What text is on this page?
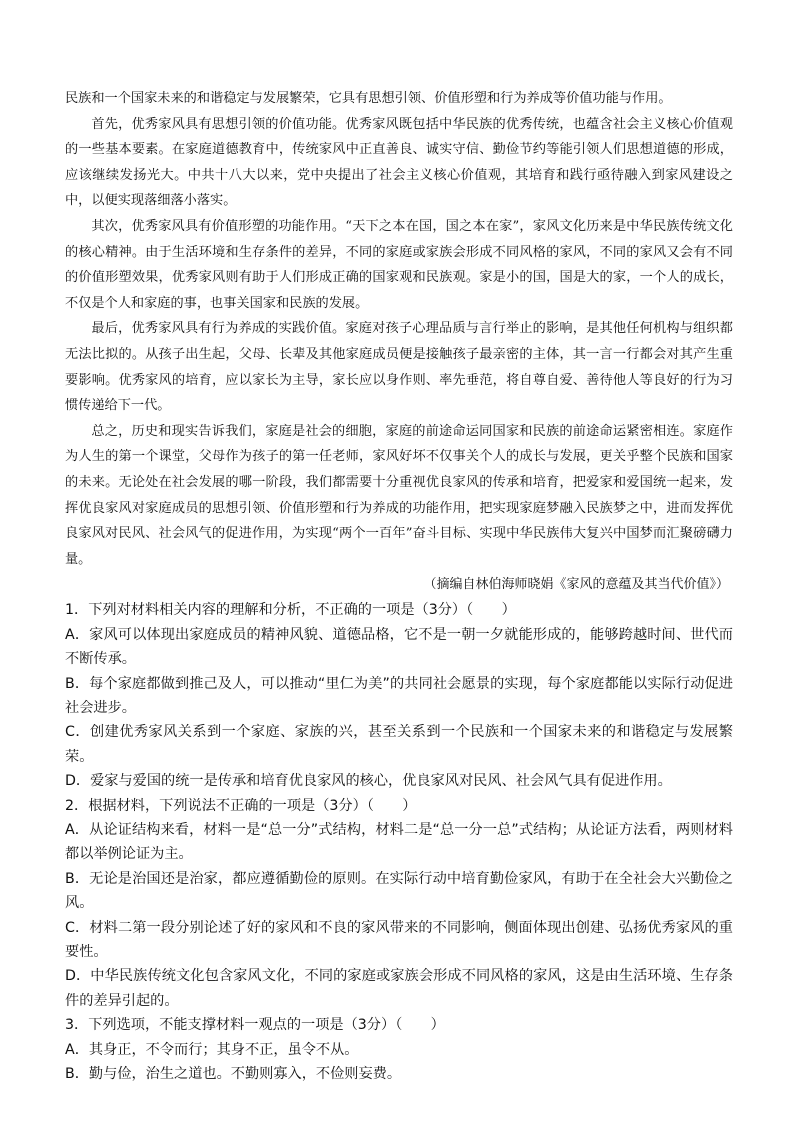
民族和一个国家未来的和谐稳定与发展繁荣，它具有思想引领、价值形塑和行为养成等价值功能与作用。

首先，优秀家风具有思想引领的价值功能。优秀家风既包括中华民族的优秀传统，也蕴含社会主义核心价值观的一些基本要素。在家庭道德教育中，传统家风中正直善良、诚实守信、勤俭节约等能引领人们思想道德的形成，应该继续发扬光大。中共十八大以来，党中央提出了社会主义核心价值观，其培育和践行亟待融入到家风建设之中，以便实现落细落小落实。

其次，优秀家风具有价值形塑的功能作用。“天下之本在国，国之本在家”，家风文化历来是中华民族传统文化的核心精神。由于生活环境和生存条件的差异，不同的家庭或家族会形成不同风格的家风，不同的家风又会有不同的价值形塑效果，优秀家风则有助于人们形成正确的国家观和民族观。家是小的国，国是大的家，一个人的成长，不仅是个人和家庭的事，也事关国家和民族的发展。

最后，优秀家风具有行为养成的实践价值。家庭对孩子心理品质与言行举止的影响，是其他任何机构与组织都无法比拟的。从孩子出生起，父母、长辈及其他家庭成员便是接触孩子最亲密的主体，其一言一行都会对其产生重要影响。优秀家风的培育，应以家长为主导，家长应以身作则、率先垂范，将自尊自爱、善待他人等良好的行为习惯传递给下一代。

总之，历史和现实告诉我们，家庭是社会的细胞，家庭的前途命运同国家和民族的前途命运紧密相连。家庭作为人生的第一个课堂，父母作为孩子的第一任老师，家风好坏不仅事关个人的成长与发展，更关乎整个民族和国家的未来。无论处在社会发展的哪一阶段，我们都需要十分重视优良家风的传承和培育，把爱家和爱国统一起来，发挥优良家风对家庭成员的思想引领、价值形塑和行为养成的功能作用，把实现家庭梦融入民族梦之中，进而发挥优良家风对民风、社会风气的促进作用，为实现“两个一百年”奋斗目标、实现中华民族伟大复兴中国梦而汇聚磅礴力量。

（摘编自林伯海师晓娟《家风的意蕴及其当代价值》）

1．下列对材料相关内容的理解和分析，不正确的一项是（3分）（　　）

A．家风可以体现出家庭成员的精神风貌、道德品格，它不是一朝一夕就能形成的，能够跨越时间、世代而不断传承。

B．每个家庭都做到推己及人，可以推动“里仁为美”的共同社会愿景的实现，每个家庭都能以实际行动促进社会进步。

C．创建优秀家风关系到一个家庭、家族的兴，甚至关系到一个民族和一个国家未来的和谐稳定与发展繁荣。

D．爱家与爱国的统一是传承和培育优良家风的核心，优良家风对民风、社会风气具有促进作用。

2．根据材料，下列说法不正确的一项是（3分）（　　）

A．从论证结构来看，材料一是“总一分”式结构，材料二是“总一分一总”式结构；从论证方法看，两则材料都以举例论证为主。

B．无论是治国还是治家，都应遵循勤俭的原则。在实际行动中培育勤俭家风，有助于在全社会大兴勤俭之风。

C．材料二第一段分别论述了好的家风和不良的家风带来的不同影响，侧面体现出创建、弘扬优秀家风的重要性。

D．中华民族传统文化包含家风文化，不同的家庭或家族会形成不同风格的家风，这是由生活环境、生存条件的差异引起的。

3．下列选项，不能支撑材料一观点的一项是（3分）（　　）

A．其身正，不令而行；其身不正，虽令不从。

B．勤与俭，治生之道也。不勤则寡入，不俭则妄费。
